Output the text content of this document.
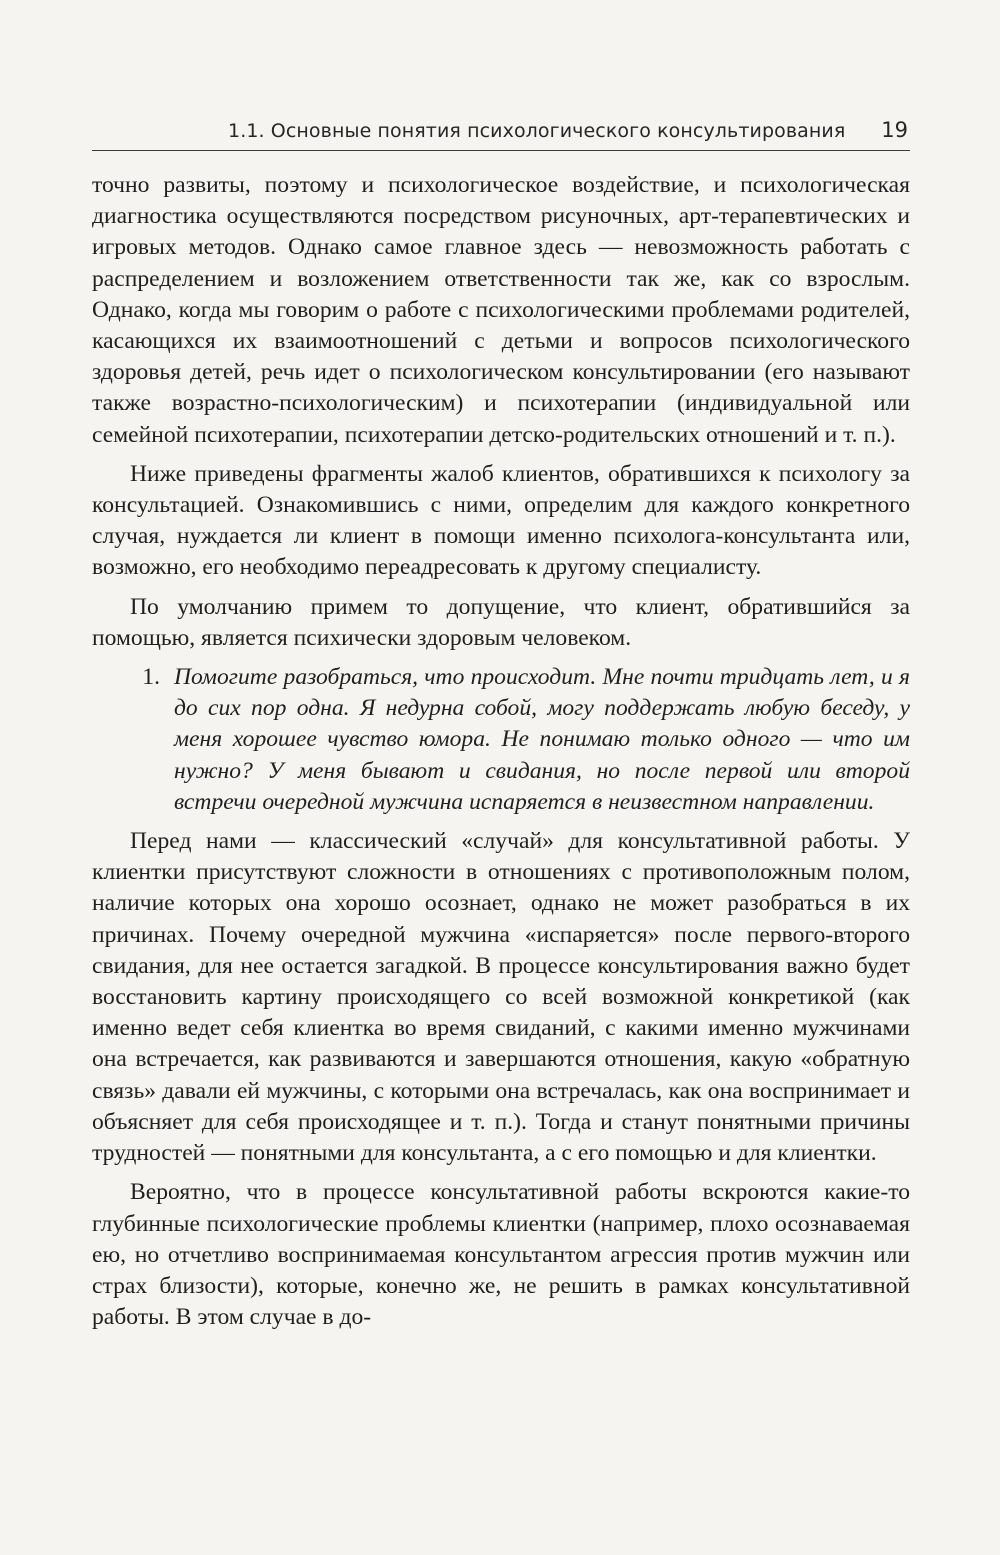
1.1. Основные понятия психологического консультирования 19

точно развиты, поэтому и психологическое воздействие, и психологическая диагностика осуществляются посредством рисуночных, арт-терапевтических и игровых методов. Однако самое главное здесь — невозможность работать с распределением и возложением ответственности так же, как со взрослым. Однако, когда мы говорим о работе с психологическими проблемами родителей, касающихся их взаимоотношений с детьми и вопросов психологического здоровья детей, речь идет о психологическом консультировании (его называют также возрастно-психологическим) и психотерапии (индивидуальной или семейной психотерапии, психотерапии детско-родительских отношений и т. п.).

Ниже приведены фрагменты жалоб клиентов, обратившихся к психологу за консультацией. Ознакомившись с ними, определим для каждого конкретного случая, нуждается ли клиент в помощи именно психолога-консультанта или, возможно, его необходимо переадресовать к другому специалисту.

По умолчанию примем то допущение, что клиент, обратившийся за помощью, является психически здоровым человеком.

1. Помогите разобраться, что происходит. Мне почти тридцать лет, и я до сих пор одна. Я недурна собой, могу поддержать любую беседу, у меня хорошее чувство юмора. Не понимаю только одного — что им нужно? У меня бывают и свидания, но после первой или второй встречи очередной мужчина испаряется в неизвестном направлении.

Перед нами — классический «случай» для консультативной работы. У клиентки присутствуют сложности в отношениях с противоположным полом, наличие которых она хорошо осознает, однако не может разобраться в их причинах. Почему очередной мужчина «испаряется» после первого-второго свидания, для нее остается загадкой. В процессе консультирования важно будет восстановить картину происходящего со всей возможной конкретикой (как именно ведет себя клиентка во время свиданий, с какими именно мужчинами она встречается, как развиваются и завершаются отношения, какую «обратную связь» давали ей мужчины, с которыми она встречалась, как она воспринимает и объясняет для себя происходящее и т. п.). Тогда и станут понятными причины трудностей — понятными для консультанта, а с его помощью и для клиентки.

Вероятно, что в процессе консультативной работы вскроются какие-то глубинные психологические проблемы клиентки (например, плохо осознаваемая ею, но отчетливо воспринимаемая консультантом агрессия против мужчин или страх близости), которые, конечно же, не решить в рамках консультативной работы. В этом случае в до-
